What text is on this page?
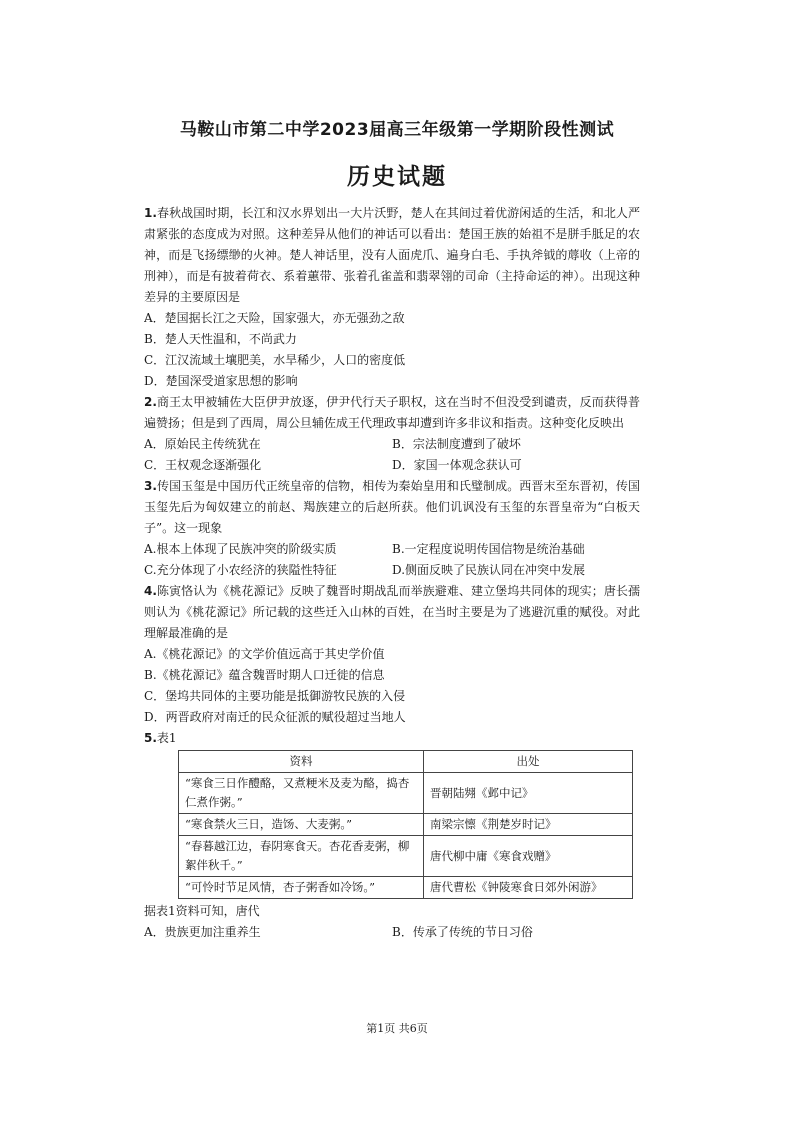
马鞍山市第二中学2023届高三年级第一学期阶段性测试
历史试题
1.春秋战国时期，长江和汉水界划出一大片沃野，楚人在其间过着优游闲适的生活，和北人严肃紧张的态度成为对照。这种差异从他们的神话可以看出：楚国王族的始祖不是胼手胝足的农神，而是飞扬缥缈的火神。楚人神话里，没有人面虎爪、遍身白毛、手执斧钺的蓐收（上帝的刑神），而是有披着荷衣、系着蕙带、张着孔雀盖和翡翠翎的司命（主持命运的神）。出现这种差异的主要原因是
A．楚国据长江之天险，国家强大，亦无强劲之敌
B．楚人天性温和，不尚武力
C．江汉流域土壤肥美，水旱稀少，人口的密度低
D．楚国深受道家思想的影响
2.商王太甲被辅佐大臣伊尹放逐，伊尹代行天子职权，这在当时不但没受到谴责，反而获得普遍赞扬；但是到了西周，周公旦辅佐成王代理政事却遭到许多非议和指责。这种变化反映出
A．原始民主传统犹在	B．宗法制度遭到了破坏
C．王权观念逐渐强化	D．家国一体观念获认可
3.传国玉玺是中国历代正统皇帝的信物，相传为秦始皇用和氏璧制成。西晋末至东晋初，传国玉玺先后为匈奴建立的前赵、羯族建立的后赵所获。他们讥讽没有玉玺的东晋皇帝为“白板天子”。这一现象
A.根本上体现了民族冲突的阶级实质	B.一定程度说明传国信物是统治基础
C.充分体现了小农经济的狭隘性特征	D.侧面反映了民族认同在冲突中发展
4.陈寅恪认为《桃花源记》反映了魏晋时期战乱而举族避难、建立堡坞共同体的现实；唐长孺则认为《桃花源记》所记载的这些迁入山林的百姓，在当时主要是为了逃避沉重的赋役。对此理解最准确的是
A.《桃花源记》的文学价值远高于其史学价值
B.《桃花源记》蕴含魏晋时期人口迁徙的信息
C．堡坞共同体的主要功能是抵御游牧民族的入侵
D．两晋政府对南迁的民众征派的赋役超过当地人
5.表1
资料	出处
“寒食三日作醴酪，又煮粳米及麦为酪，捣杏仁煮作粥。”	晋朝陆翙《邺中记》
“寒食禁火三日，造饧、大麦粥。”	南梁宗懔《荆楚岁时记》
“春暮越江边，春阴寒食天。杏花香麦粥，柳絮伴秋千。”	唐代柳中庸《寒食戏赠》
“可怜时节足风情，杏子粥香如冷饧。”	唐代曹松《钟陵寒食日郊外闲游》
据表1资料可知，唐代
A．贵族更加注重养生	B．传承了传统的节日习俗
第1页 共6页
